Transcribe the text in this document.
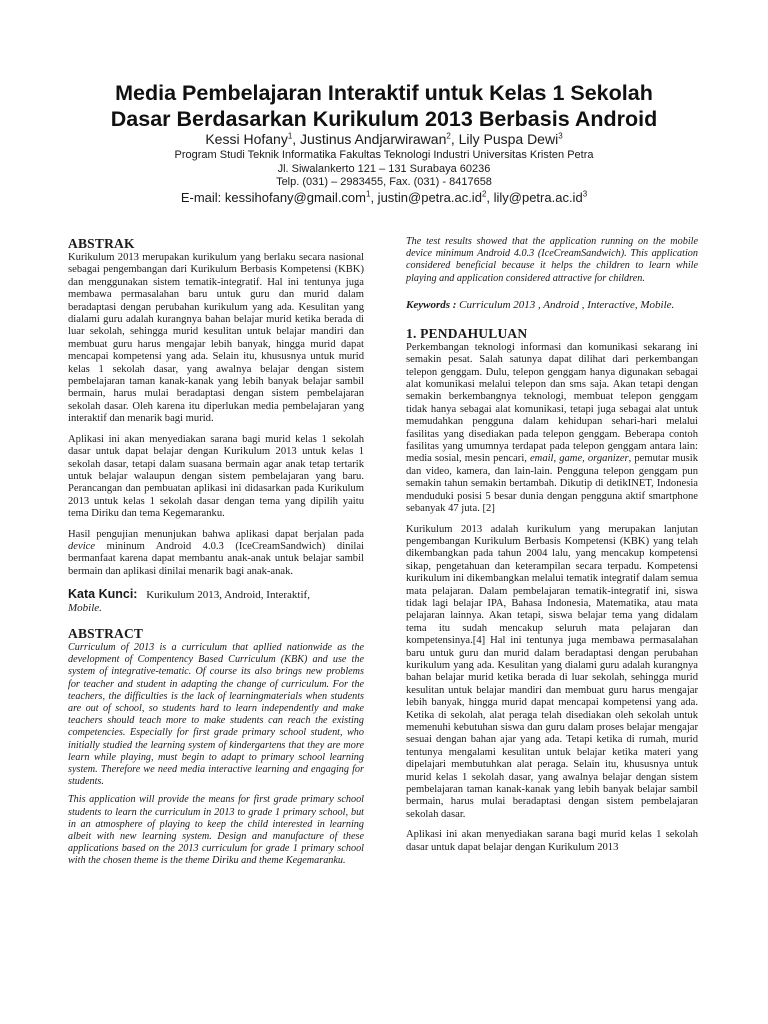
Media Pembelajaran Interaktif untuk Kelas 1 Sekolah
Dasar Berdasarkan Kurikulum 2013 Berbasis Android
Kessi Hofany$^1$, Justinus Andjarwirawan$^2$, Lily Puspa Dewi$^3$
Program Studi Teknik Informatika Fakultas Teknologi Industri Universitas Kristen Petra
Jl. Siwalankerto 121 – 131 Surabaya 60236
Telp. (031) – 2983455, Fax. (031) - 8417658
E-mail: kessihofany@gmail.com$^1$, $justin@petra.ac.id^2$, $lily@petra.ac.id^3$
ABSTRAK

Kurikulum 2013 merupakan kurikulum yang berlaku secara nasional sebagai pengembangan dari Kurikulum Berbasis Kompetensi (KBK) dan menggunakan sistem tematik-integratif. Hal ini tentunya juga membawa permasalahan baru untuk guru dan murid dalam beradaptasi dengan perubahan kurikulum yang ada. Kesulitan yang dialami guru adalah kurangnya bahan belajar murid ketika berada di luar sekolah, sehingga murid kesulitan untuk belajar mandiri dan membuat guru harus mengajar lebih banyak, hingga murid dapat mencapai kompetensi yang ada. Selain itu, khususnya untuk murid kelas 1 sekolah dasar, yang awalnya belajar dengan sistem pembelajaran taman kanak-kanak yang lebih banyak belajar sambil bermain, harus mulai beradaptasi dengan sistem pembelajaran sekolah dasar. Oleh karena itu diperlukan media pembelajaran yang interaktif dan menarik bagi murid.

Aplikasi ini akan menyediakan sarana bagi murid kelas 1 sekolah dasar untuk dapat belajar dengan Kurikulum 2013 untuk kelas 1 sekolah dasar, tetapi dalam suasana bermain agar anak tetap tertarik untuk belajar walaupun dengan sistem pembelajaran yang baru. Perancangan dan pembuatan aplikasi ini didasarkan pada Kurikulum 2013 untuk kelas 1 sekolah dasar dengan tema yang dipilih yaitu tema Diriku dan tema Kegemaranku.

Hasil pengujian menunjukan bahwa aplikasi dapat berjalan pada device mininum Android 4.0.3 (IceCreamSandwich) dinilai bermanfaat karena dapat membantu anak-anak untuk belajar sambil bermain dan aplikasi dinilai menarik bagi anak-anak.

Kata Kunci: Kurikulum 2013, Android, Interaktif,
Mobile.
ABSTRACT

Curriculum of 2013 is a curriculum that apllied nationwide as the development of Compentency Based Curriculum (KBK) and use the system of integrative-tematic. Of course its also brings new problems for teacher and student in adapting the change of curriculum. For the teachers, the difficulties is the lack of learningmaterials when students are out of school, so students hard to learn independently and make teachers should teach more to make students can reach the existing competencies. Especially for first grade primary school student, who initially studied the learning system of kindergartens that they are more learn while playing, must begin to adapt to primary school learning system. Therefore we need media interactive learning and engaging for students.

This application will provide the means for first grade primary school students to learn the curriculum in 2013 to grade 1 primary school, but in an atmosphere of playing to keep the child interested in learning albeit with new learning system. Design and manufacture of these applications based on the 2013 curriculum for grade 1 primary school with the chosen theme is the theme Diriku and theme Kegemaranku.

The test results showed that the application running on the mobile device minimum Android 4.0.3 (IceCreamSandwich). This application considered beneficial because it helps the children to learn while playing and application considered attractive for children.

Keywords : Curriculum 2013 , Android , Interactive, Mobile.

1. PENDAHULUAN

Perkembangan teknologi informasi dan komunikasi sekarang ini semakin pesat. Salah satunya dapat dilihat dari perkembangan telepon genggam. Dulu, telepon genggam hanya digunakan sebagai alat komunikasi melalui telepon dan sms saja. Akan tetapi dengan semakin berkembangnya teknologi, membuat telepon genggam tidak hanya sebagai alat komunikasi, tetapi juga sebagai alat untuk memudahkan pengguna dalam kehidupan sehari-hari melalui fasilitas yang disediakan pada telepon genggam. Beberapa contoh fasilitas yang umumnya terdapat pada telepon genggam antara lain: media sosial, mesin pencari, email, game, organizer, pemutar musik dan video, kamera, dan lain-lain. Pengguna telepon genggam pun semakin tahun semakin bertambah. Dikutip di detikINET, Indonesia menduduki posisi 5 besar dunia dengan pengguna aktif smartphone sebanyak 47 juta. [2]

Kurikulum 2013 adalah kurikulum yang merupakan lanjutan pengembangan Kurikulum Berbasis Kompetensi (KBK) yang telah dikembangkan pada tahun 2004 lalu, yang mencakup kompetensi sikap, pengetahuan dan keterampilan secara terpadu. Kompetensi kurikulum ini dikembangkan melalui tematik integratif dalam semua mata pelajaran. Dalam pembelajaran tematik-integratif ini, siswa tidak lagi belajar IPA, Bahasa Indonesia, Matematika, atau mata pelajaran lainnya. Akan tetapi, siswa belajar tema yang didalam tema itu sudah mencakup seluruh mata pelajaran dan kompetensinya.[4] Hal ini tentunya juga membawa permasalahan baru untuk guru dan murid dalam beradaptasi dengan perubahan kurikulum yang ada. Kesulitan yang dialami guru adalah kurangnya bahan belajar murid ketika berada di luar sekolah, sehingga murid kesulitan untuk belajar mandiri dan membuat guru harus mengajar lebih banyak, hingga murid dapat mencapai kompetensi yang ada. Ketika di sekolah, alat peraga telah disediakan oleh sekolah untuk memenuhi kebutuhan siswa dan guru dalam proses belajar mengajar sesuai dengan bahan ajar yang ada. Tetapi ketika di rumah, murid tentunya mengalami kesulitan untuk belajar ketika materi yang dipelajari membutuhkan alat peraga. Selain itu, khususnya untuk murid kelas 1 sekolah dasar, yang awalnya belajar dengan sistem pembelajaran taman kanak-kanak yang lebih banyak belajar sambil bermain, harus mulai beradaptasi dengan sistem pembelajaran sekolah dasar.

Aplikasi ini akan menyediakan sarana bagi murid kelas 1 sekolah dasar untuk dapat belajar dengan Kurikulum 2013
